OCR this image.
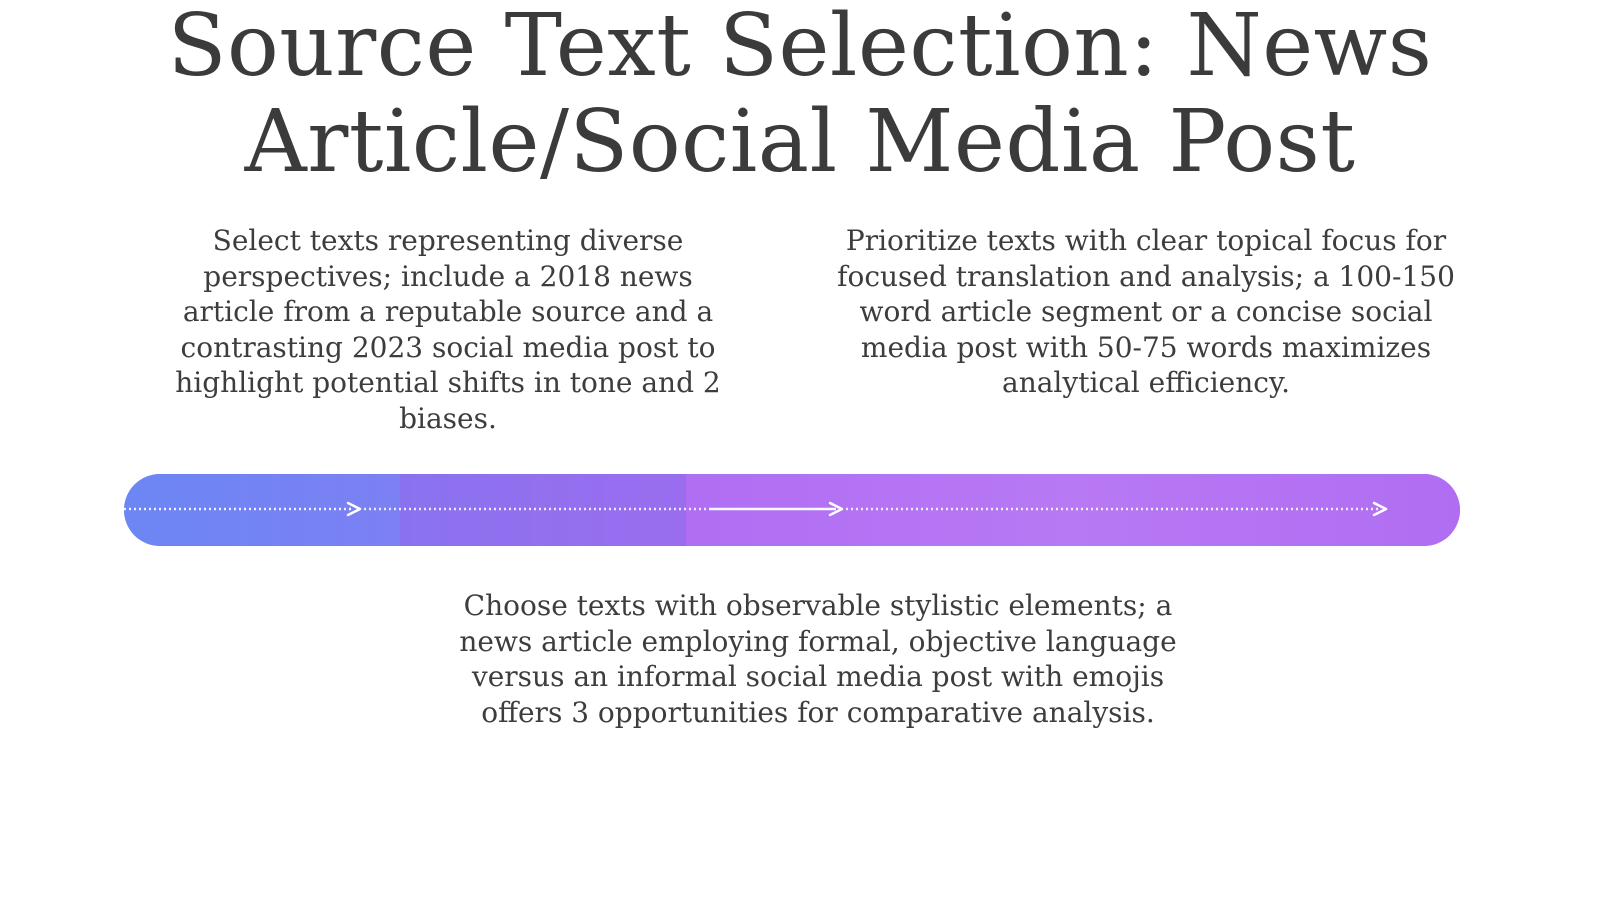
Source Text Selection: News Article/Social Media Post

Select texts representing diverse perspectives; include a 2018 news article from a reputable source and a contrasting 2023 social media post to highlight potential shifts in tone and 2 biases.

Prioritize texts with clear topical focus for focused translation and analysis; a 100-150 word article segment or a concise social media post with 50-75 words maximizes analytical efficiency.

Choose texts with observable stylistic elements; a news article employing formal, objective language versus an informal social media post with emojis offers 3 opportunities for comparative analysis.
